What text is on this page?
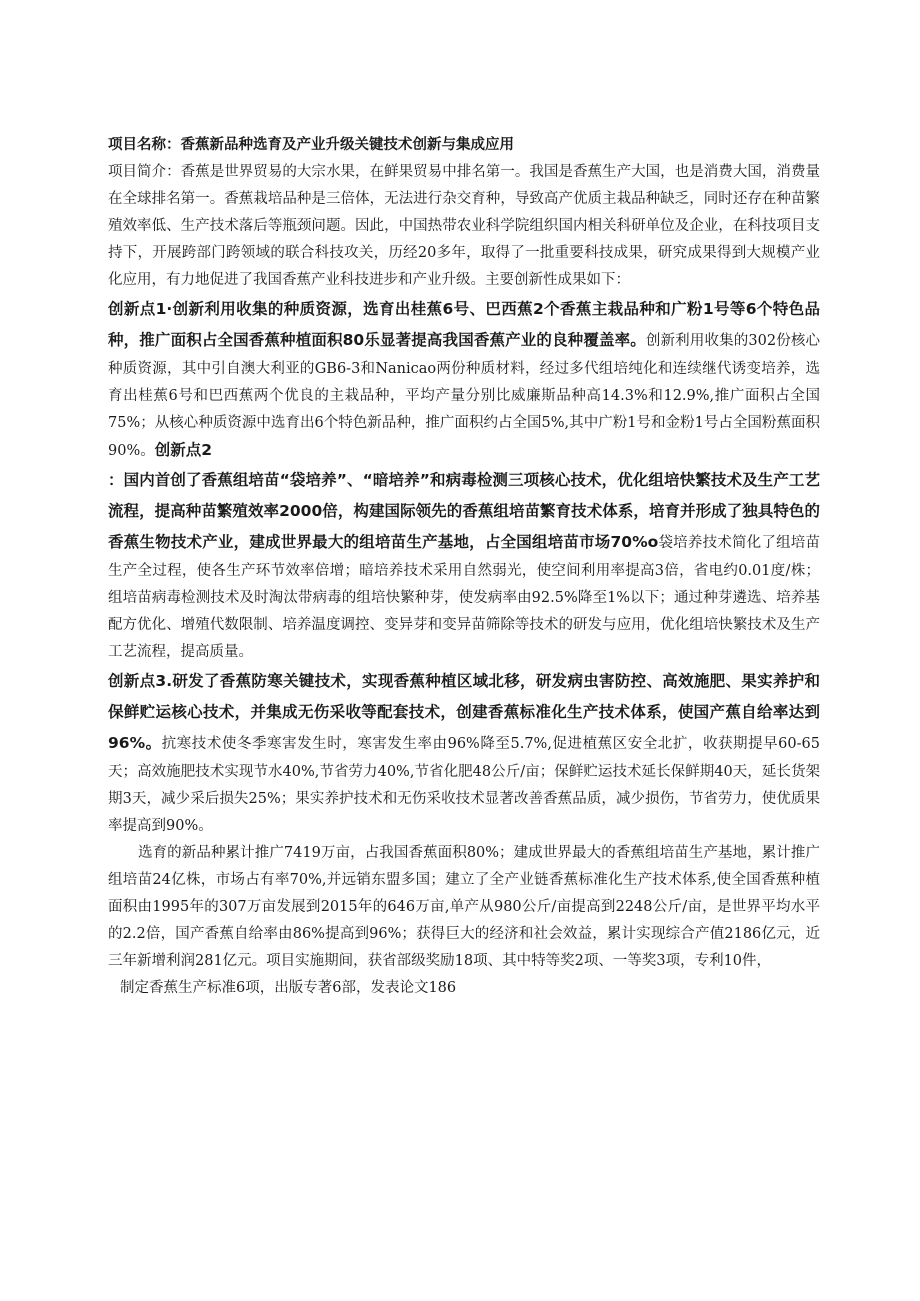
项目名称：香蕉新品种选育及产业升级关键技术创新与集成应用

项目简介：香蕉是世界贸易的大宗水果，在鲜果贸易中排名第一。我国是香蕉生产大国，也是消费大国，消费量在全球排名第一。香蕉栽培品种是三倍体，无法进行杂交育种，导致高产优质主栽品种缺乏，同时还存在种苗繁殖效率低、生产技术落后等瓶颈问题。因此，中国热带农业科学院组织国内相关科研单位及企业，在科技项目支持下，开展跨部门跨领域的联合科技攻关，历经20多年，取得了一批重要科技成果，研究成果得到大规模产业化应用，有力地促进了我国香蕉产业科技进步和产业升级。主要创新性成果如下：

创新点1·创新利用收集的种质资源，选育出桂蕉6号、巴西蕉2个香蕉主栽品种和广粉1号等6个特色品种，推广面积占全国香蕉种植面积80乐显著提高我国香蕉产业的良种覆盖率。创新利用收集的302份核心种质资源，其中引自澳大利亚的GB6-3和Nanicao两份种质材料，经过多代组培纯化和连续继代诱变培养，选育出桂蕉6号和巴西蕉两个优良的主栽品种，平均产量分别比威廉斯品种高14.3%和12.9%,推广面积占全国75%；从核心种质资源中选育出6个特色新品种，推广面积约占全国5%,其中广粉1号和金粉1号占全国粉蕉面积90%。创新点2

：国内首创了香蕉组培苗“袋培养”、“暗培养”和病毒检测三项核心技术，优化组培快繁技术及生产工艺流程，提高种苗繁殖效率2000倍，构建国际领先的香蕉组培苗繁育技术体系，培育并形成了独具特色的香蕉生物技术产业，建成世界最大的组培苗生产基地，占全国组培苗市场70%o袋培养技术简化了组培苗生产全过程，使各生产环节效率倍增；暗培养技术采用自然弱光，使空间利用率提高3倍，省电约0.01度/株；组培苗病毒检测技术及时淘汰带病毒的组培快繁种芽，使发病率由92.5%降至1%以下；通过种芽遴选、培养基配方优化、增殖代数限制、培养温度调控、变异芽和变异苗筛除等技术的研发与应用，优化组培快繁技术及生产工艺流程，提高质量。

创新点3.研发了香蕉防寒关键技术，实现香蕉种植区域北移，研发病虫害防控、高效施肥、果实养护和保鲜贮运核心技术，并集成无伤采收等配套技术，创建香蕉标准化生产技术体系，使国产蕉自给率达到96%。抗寒技术使冬季寒害发生时，寒害发生率由96%降至5.7%,促进植蕉区安全北扩，收获期提早60-65天；高效施肥技术实现节水40%,节省劳力40%,节省化肥48公斤/亩；保鲜贮运技术延长保鲜期40天，延长货架期3天，减少采后损失25%；果实养护技术和无伤采收技术显著改善香蕉品质，减少损伤，节省劳力，使优质果率提高到90%。

选育的新品种累计推广7419万亩，占我国香蕉面积80%；建成世界最大的香蕉组培苗生产基地，累计推广组培苗24亿株，市场占有率70%,并远销东盟多国；建立了全产业链香蕉标准化生产技术体系,使全国香蕉种植面积由1995年的307万亩发展到2015年的646万亩,单产从980公斤/亩提高到2248公斤/亩，是世界平均水平的2.2倍，国产香蕉自给率由86%提高到96%；获得巨大的经济和社会效益，累计实现综合产值2186亿元，近三年新增利润281亿元。项目实施期间，获省部级奖励18项、其中特等奖2项、一等奖3项，专利10件，

制定香蕉生产标准6项，出版专著6部，发表论文186
